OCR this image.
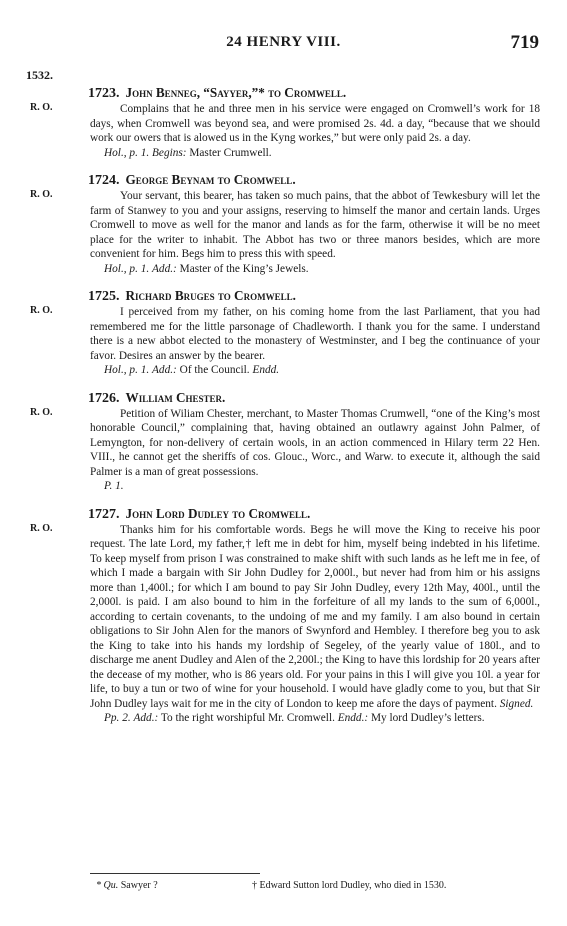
24 HENRY VIII.	719
1532.
1723. John Benneg, “Sayyer,”* to Cromwell.
R. O.	Complains that he and three men in his service were engaged on Cromwell’s work for 18 days, when Cromwell was beyond sea, and were promised 2s. 4d. a day, “because that we should work our owers that is alowed us in the Kyng workes,” but were only paid 2s. a day.
Hol., p. 1. Begins: Master Crumwell.
1724. George Beynam to Cromwell.
R. O.	Your servant, this bearer, has taken so much pains, that the abbot of Tewkesbury will let the farm of Stanwey to you and your assigns, reserving to himself the manor and certain lands. Urges Cromwell to move as well for the manor and lands as for the farm, otherwise it will be no meet place for the writer to inhabit. The Abbot has two or three manors besides, which are more convenient for him. Begs him to press this with speed.
Hol., p. 1. Add.: Master of the King’s Jewels.
1725. Richard Bruges to Cromwell.
R. O.	I perceived from my father, on his coming home from the last Parliament, that you had remembered me for the little parsonage of Chadleworth. I thank you for the same. I understand there is a new abbot elected to the monastery of Westminster, and I beg the continuance of your favor. Desires an answer by the bearer.
Hol., p. 1. Add.: Of the Council. Endd.
1726. William Chester.
R. O.	Petition of Wiliam Chester, merchant, to Master Thomas Crumwell, “one of the King’s most honorable Council,” complaining that, having obtained an outlawry against John Palmer, of Lemyngton, for non-delivery of certain wools, in an action commenced in Hilary term 22 Hen. VIII., he cannot get the sheriffs of cos. Glouc., Worc., and Warw. to execute it, although the said Palmer is a man of great possessions.
P. 1.
1727. John Lord Dudley to Cromwell.
R. O.	Thanks him for his comfortable words. Begs he will move the King to receive his poor request. The late Lord, my father,† left me in debt for him, myself being indebted in his lifetime. To keep myself from prison I was constrained to make shift with such lands as he left me in fee, of which I made a bargain with Sir John Dudley for 2,000l., but never had from him or his assigns more than 1,400l.; for which I am bound to pay Sir John Dudley, every 12th May, 400l., until the 2,000l. is paid. I am also bound to him in the forfeiture of all my lands to the sum of 6,000l., according to certain covenants, to the undoing of me and my family. I am also bound in certain obligations to Sir John Alen for the manors of Swynford and Hembley. I therefore beg you to ask the King to take into his hands my lordship of Segeley, of the yearly value of 180l., and to discharge me anent Dudley and Alen of the 2,200l.; the King to have this lordship for 20 years after the decease of my mother, who is 86 years old. For your pains in this I will give you 10l. a year for life, to buy a tun or two of wine for your household. I would have gladly come to you, but that Sir John Dudley lays wait for me in the city of London to keep me afore the days of payment. Signed.
Pp. 2. Add.: To the right worshipful Mr. Cromwell. Endd.: My lord Dudley’s letters.
* Qu. Sawyer ?	† Edward Sutton lord Dudley, who died in 1530.
